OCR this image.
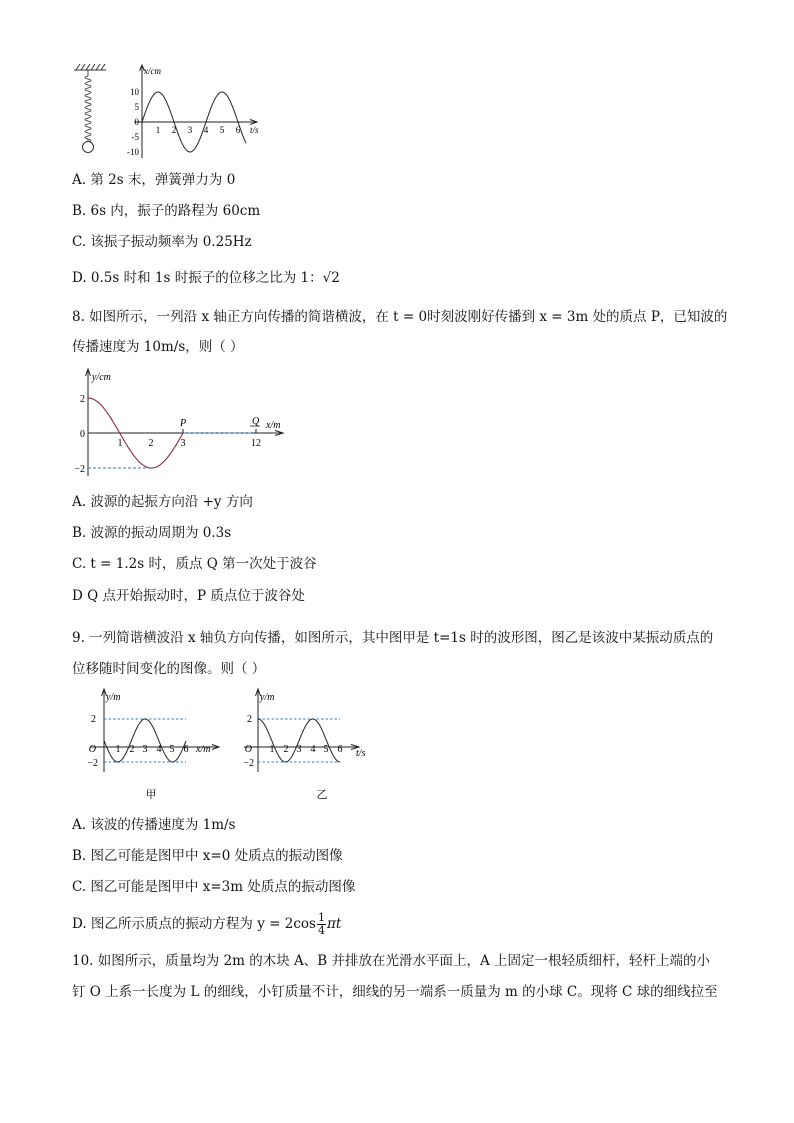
x/cm
t/s
10
5
0
-5
-10
1 2 3 4 5 6
A. 第 2s 末，弹簧弹力为 0
B. 6s 内，振子的路程为 60cm
C. 该振子振动频率为 0.25Hz
D. 0.5s 时和 1s 时振子的位移之比为 1：√2
8. 如图所示，一列沿 x 轴正方向传播的简谐横波，在 t = 0时刻波刚好传播到 x = 3m 处的质点 P，已知波的
传播速度为 10m/s，则（ ）
y/cm
x/m
2
0
−2
1	2	3	12
P	Q
A. 波源的起振方向沿 +y 方向
B. 波源的振动周期为 0.3s
C. t = 1.2s 时，质点 Q 第一次处于波谷
D Q 点开始振动时，P 质点位于波谷处
9. 一列简谐横波沿 x 轴负方向传播，如图所示，其中图甲是 t=1s 时的波形图，图乙是该波中某振动质点的
位移随时间变化的图像。则（ ）
y/m
x/m
2
−2
O 1 2 3 4 5 6
甲
y/m
t/s
2
−2
O 1 2 3 4 5 6
乙
A. 该波的传播速度为 1m/s
B. 图乙可能是图甲中 x=0 处质点的振动图像
C. 图乙可能是图甲中 x=3m 处质点的振动图像
D. 图乙所示质点的振动方程为 $y = 2\cos \frac{1}{4}$ πt
10. 如图所示，质量均为 2m 的木块 A、B 并排放在光滑水平面上，A 上固定一根轻质细杆，轻杆上端的小
钉 O 上系一长度为 L 的细线，小钉质量不计，细线的另一端系一质量为 m 的小球 C。现将 C 球的细线拉至
